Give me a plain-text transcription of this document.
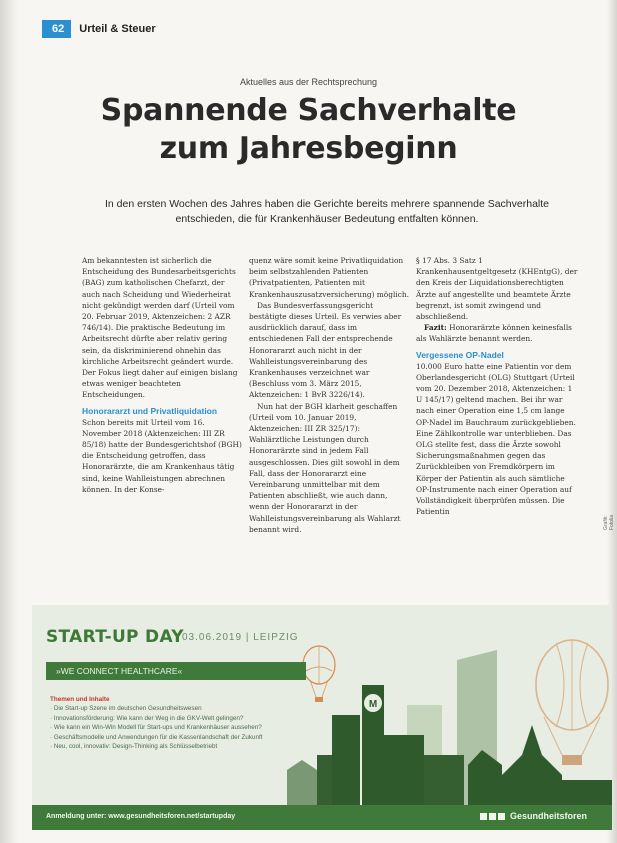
62	Urteil & Steuer
Aktuelles aus der Rechtsprechung
Spannende Sachverhalte
zum Jahresbeginn
In den ersten Wochen des Jahres haben die Gerichte bereits mehrere spannende Sachverhalte entschieden, die für Krankenhäuser Bedeutung entfalten können.

Am bekanntesten ist sicherlich die Entscheidung des Bundesarbeitsgerichts (BAG) zum katholischen Chefarzt, der auch nach Scheidung und Wiederheirat nicht gekündigt werden darf (Urteil vom 20. Februar 2019, Aktenzeichen: 2 AZR 746/14). Die praktische Bedeutung im Arbeitsrecht dürfte aber relativ gering sein, da diskriminierend ohnehin das kirchliche Arbeitsrecht geändert wurde.

Der Fokus liegt daher auf einigen bislang etwas weniger beachteten Entscheidungen.

Honorararzt und Privatliquidation

Schon bereits mit Urteil vom 16. November 2018 (Aktenzeichen: III ZR 85/18) hatte der Bundesgerichtshof (BGH) die Entscheidung getroffen, dass Honorarärzte, die am Krankenhaus tätig sind, keine Wahlleistungen abrechnen können. In der Konse-

quenz wäre somit keine Privatliquidation beim selbstzahlenden Patienten (Privatpatienten, Patienten mit Krankenhauszusatzversicherung) möglich.

Das Bundesverfassungsgericht bestätigte dieses Urteil. Es verwies aber ausdrücklich darauf, dass im entschiedenen Fall der entsprechende Honorararzt auch nicht in der Wahlleistungsvereinbarung des Krankenhauses verzeichnet war (Beschluss vom 3. März 2015, Aktenzeichen: 1 BvR 3226/14).

Nun hat der BGH klarheit geschaffen (Urteil vom 10. Januar 2019, Aktenzeichen: III ZR 325/17): Wahlärztliche Leistungen durch Honorarärzte sind in jedem Fall ausgeschlossen. Dies gilt sowohl in dem Fall, dass der Honorararzt eine Vereinbarung unmittelbar mit dem Patienten abschließt, wie auch dann, wenn der Honorararzt in der Wahlleistungsvereinbarung als Wahlarzt benannt wird.

§ 17 Abs. 3 Satz 1 Krankenhausentgeltgesetz (KHEntgG), der den Kreis der Liquidationsberechtigten Ärzte auf angestellte und beamtete Ärzte begrenzt, ist somit zwingend und abschließend.

Fazit: Honorarärzte können keinesfalls als Wahlärzte benannt werden.

Vergessene OP-Nadel

10.000 Euro hatte eine Patientin vor dem Oberlandesgericht (OLG) Stuttgart (Urteil vom 20. Dezember 2018, Aktenzeichen: 1 U 145/17) geltend machen. Bei ihr war nach einer Operation eine 1,5 cm lange OP-Nadel im Bauchraum zurückgeblieben. Eine Zählkontrolle war unterblieben. Das OLG stellte fest, dass die Ärzte sowohl Sicherungsmaßnahmen gegen das Zurückbleiben von Fremdkörpern im Körper der Patientin als auch sämtliche OP-Instrumente nach einer Operation auf Vollständigkeit überprüfen müssen. Die Patientin

Grafik: Fotolia
M
START-UP DAY
03.06.2019 | LEIPZIG
»WE CONNECT HEALTHCARE«
Themen und Inhalte
· Die Start-up Szene im deutschen Gesundheitswesen
· Innovationsförderung: Wie kann der Weg in die GKV-Welt gelingen?
· Wie kann ein Win-Win Modell für Start-ups und Krankenhäuser aussehen?
· Geschäftsmodelle und Anwendungen für die Kassenlandschaft der Zukunft
· Neu, cool, innovativ: Design-Thinking als Schlüsselbetriebt
Anmeldung unter: www.gesundheitsforen.net/startupday	Gesundheitsforen
